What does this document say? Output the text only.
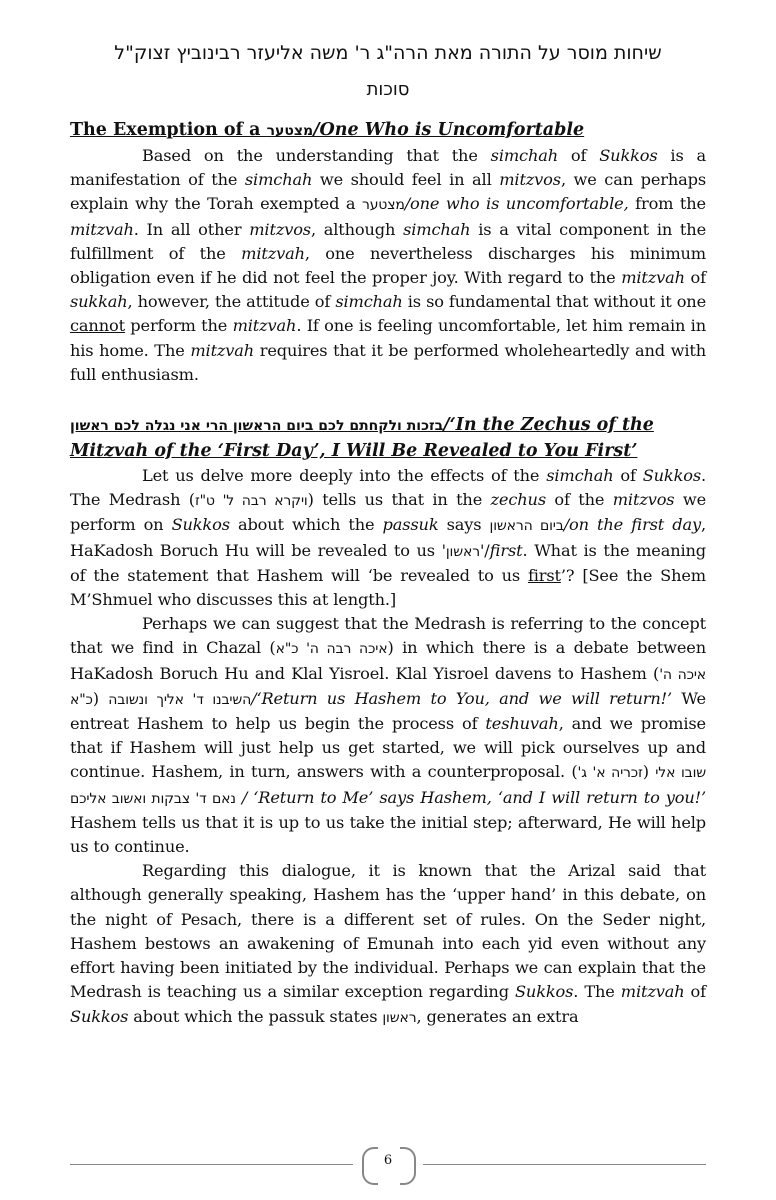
שיחות מוסר על התורה מאת הרה"ג ר' משה אליעזר רבינוביץ זצוק"ל
סוכות
The Exemption of a מצטער/One Who is Uncomfortable

Based on the understanding that the simchah of Sukkos is a manifestation of the simchah we should feel in all mitzvos, we can perhaps explain why the Torah exempted a מצטער/one who is uncomfortable, from the mitzvah. In all other mitzvos, although simchah is a vital component in the fulfillment of the mitzvah, one nevertheless discharges his minimum obligation even if he did not feel the proper joy. With regard to the mitzvah of sukkah, however, the attitude of simchah is so fundamental that without it one cannot perform the mitzvah. If one is feeling uncomfortable, let him remain in his home. The mitzvah requires that it be performed wholeheartedly and with full enthusiasm.

בזכות ולקחתם לכם ביום הראשון הרי אני נגלה לכם ראשון/‘In the Zechus of the Mitzvah of the ‘First Day’, I Will Be Revealed to You First’

Let us delve more deeply into the effects of the simchah of Sukkos. The Medrash (ויקרא רבה ל' ט"ז) tells us that in the zechus of the mitzvos we perform on Sukkos about which the passuk says ביום הראשון/on the first day, HaKadosh Boruch Hu will be revealed to us 'ראשון'/first. What is the meaning of the statement that Hashem will ‘be revealed to us first’? [See the Shem M’Shmuel who discusses this at length.]

Perhaps we can suggest that the Medrash is referring to the concept that we find in Chazal (איכה רבה ה' כ"א) in which there is a debate between HaKadosh Boruch Hu and Klal Yisroel. Klal Yisroel davens to Hashem (איכה ה' כ"א) השיבנו ד' אליך ונשובה/‘Return us Hashem to You, and we will return!’ We entreat Hashem to help us begin the process of teshuvah, and we promise that if Hashem will just help us get started, we will pick ourselves up and continue. Hashem, in turn, answers with a counterproposal. (זכריה א' ג') שובו אלי נאם ד' צבקות ואשוב אליכם / ‘Return to Me’ says Hashem, ‘and I will return to you!’ Hashem tells us that it is up to us take the initial step; afterward, He will help us to continue.

Regarding this dialogue, it is known that the Arizal said that although generally speaking, Hashem has the ‘upper hand’ in this debate, on the night of Pesach, there is a different set of rules. On the Seder night, Hashem bestows an awakening of Emunah into each yid even without any effort having been initiated by the individual. Perhaps we can explain that the Medrash is teaching us a similar exception regarding Sukkos. The mitzvah of Sukkos about which the passuk states ראשון, generates an extra

6
